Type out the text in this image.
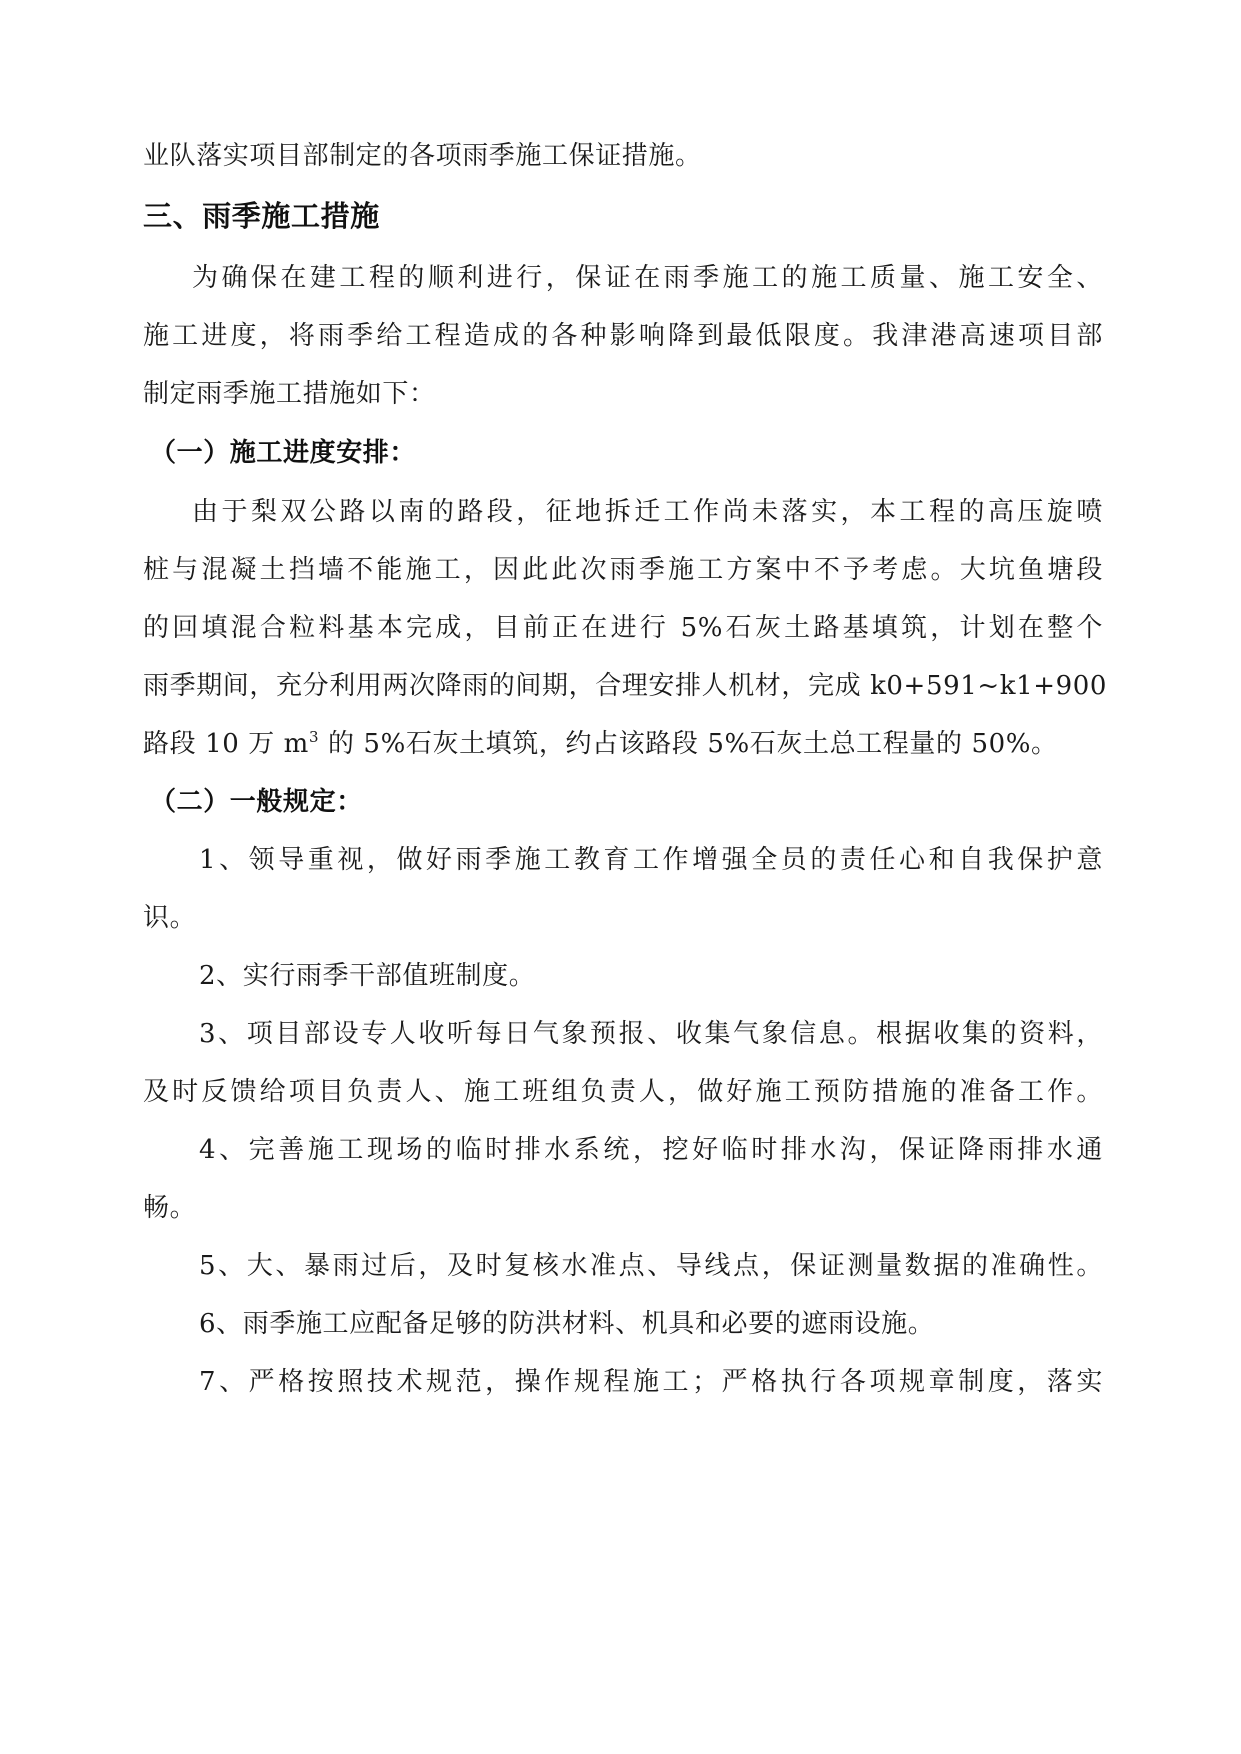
业队落实项目部制定的各项雨季施工保证措施。
三、雨季施工措施
为确保在建工程的顺利进行，保证在雨季施工的施工质量、施工安全、
施工进度，将雨季给工程造成的各种影响降到最低限度。我津港高速项目部
制定雨季施工措施如下：
（一）施工进度安排：
由于梨双公路以南的路段，征地拆迁工作尚未落实，本工程的高压旋喷
桩与混凝土挡墙不能施工，因此此次雨季施工方案中不予考虑。大坑鱼塘段
的回填混合粒料基本完成，目前正在进行 5%石灰土路基填筑，计划在整个
雨季期间，充分利用两次降雨的间期，合理安排人机材，完成 k0+591~k1+900
路段 10 万 $m^3$ 的 5%石灰土填筑，约占该路段 5%石灰土总工程量的 50%。
（二）一般规定：
1、领导重视，做好雨季施工教育工作增强全员的责任心和自我保护意
识。
2、实行雨季干部值班制度。
3、项目部设专人收听每日气象预报、收集气象信息。根据收集的资料，
及时反馈给项目负责人、施工班组负责人，做好施工预防措施的准备工作。
4、完善施工现场的临时排水系统，挖好临时排水沟，保证降雨排水通
畅。
5、大、暴雨过后，及时复核水准点、导线点，保证测量数据的准确性。
6、雨季施工应配备足够的防洪材料、机具和必要的遮雨设施。
7、严格按照技术规范，操作规程施工；严格执行各项规章制度，落实
